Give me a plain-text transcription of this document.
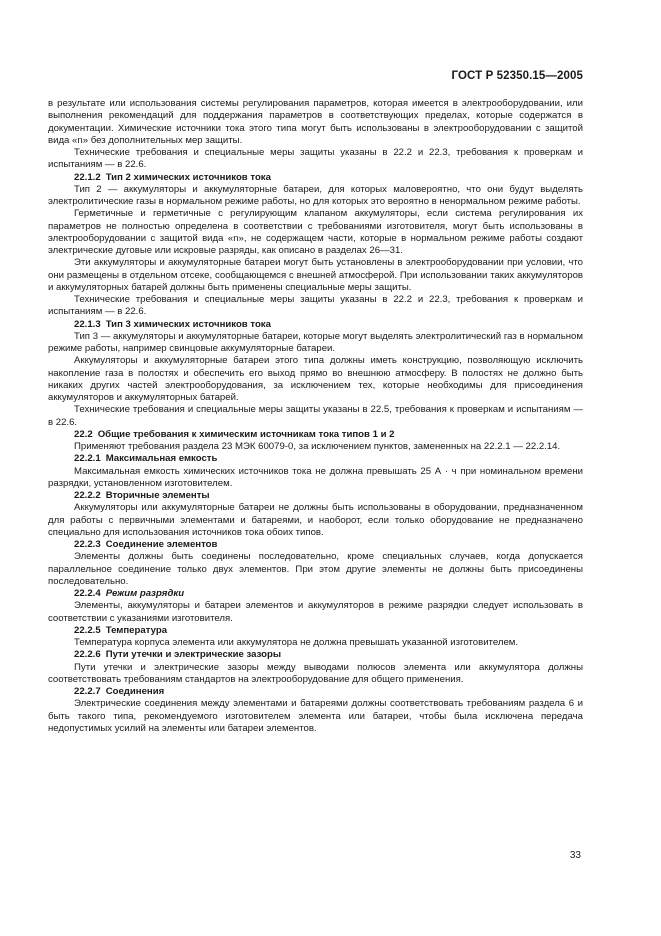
ГОСТ Р 52350.15—2005

в результате или использования системы регулирования параметров, которая имеется в электрооборудовании, или выполнения рекомендаций для поддержания параметров в соответствующих пределах, которые содержатся в документации. Химические источники тока этого типа могут быть использованы в электрооборудовании с защитой вида «n» без дополнительных мер защиты.

Технические требования и специальные меры защиты указаны в 22.2 и 22.3, требования к проверкам и испытаниям — в 22.6.

22.1.2 Тип 2 химических источников тока

Тип 2 — аккумуляторы и аккумуляторные батареи, для которых маловероятно, что они будут выделять электролитические газы в нормальном режиме работы, но для которых это вероятно в ненормальном режиме работы.

Герметичные и герметичные с регулирующим клапаном аккумуляторы, если система регулирования их параметров не полностью определена в соответствии с требованиями изготовителя, могут быть использованы в электрооборудовании с защитой вида «n», не содержащем части, которые в нормальном режиме работы создают электрические дуговые или искровые разряды, как описано в разделах 26—31.

Эти аккумуляторы и аккумуляторные батареи могут быть установлены в электрооборудовании при условии, что они размещены в отдельном отсеке, сообщающемся с внешней атмосферой. При использовании таких аккумуляторов и аккумуляторных батарей должны быть применены специальные меры защиты.

Технические требования и специальные меры защиты указаны в 22.2 и 22.3, требования к проверкам и испытаниям — в 22.6.

22.1.3 Тип 3 химических источников тока

Тип 3 — аккумуляторы и аккумуляторные батареи, которые могут выделять электролитический газ в нормальном режиме работы, например свинцовые аккумуляторные батареи.

Аккумуляторы и аккумуляторные батареи этого типа должны иметь конструкцию, позволяющую исключить накопление газа в полостях и обеспечить его выход прямо во внешнюю атмосферу. В полостях не должно быть никаких других частей электрооборудования, за исключением тех, которые необходимы для присоединения аккумуляторов и аккумуляторных батарей.

Технические требования и специальные меры защиты указаны в 22.5, требования к проверкам и испытаниям — в 22.6.

22.2 Общие требования к химическим источникам тока типов 1 и 2

Применяют требования раздела 23 МЭК 60079-0, за исключением пунктов, замененных на 22.2.1 — 22.2.14.

22.2.1 Максимальная емкость

Максимальная емкость химических источников тока не должна превышать 25 А · ч при номинальном времени разрядки, установленном изготовителем.

22.2.2 Вторичные элементы

Аккумуляторы или аккумуляторные батареи не должны быть использованы в оборудовании, предназначенном для работы с первичными элементами и батареями, и наоборот, если только оборудование не предназначено специально для использования источников тока обоих типов.

22.2.3 Соединение элементов

Элементы должны быть соединены последовательно, кроме специальных случаев, когда допускается параллельное соединение только двух элементов. При этом другие элементы не должны быть присоединены последовательно.

22.2.4 Режим разрядки

Элементы, аккумуляторы и батареи элементов и аккумуляторов в режиме разрядки следует использовать в соответствии с указаниями изготовителя.

22.2.5 Температура

Температура корпуса элемента или аккумулятора не должна превышать указанной изготовителем.

22.2.6 Пути утечки и электрические зазоры

Пути утечки и электрические зазоры между выводами полюсов элемента или аккумулятора должны соответствовать требованиям стандартов на электрооборудование для общего применения.

22.2.7 Соединения

Электрические соединения между элементами и батареями должны соответствовать требованиям раздела 6 и быть такого типа, рекомендуемого изготовителем элемента или батареи, чтобы была исключена передача недопустимых усилий на элементы или батареи элементов.

33
